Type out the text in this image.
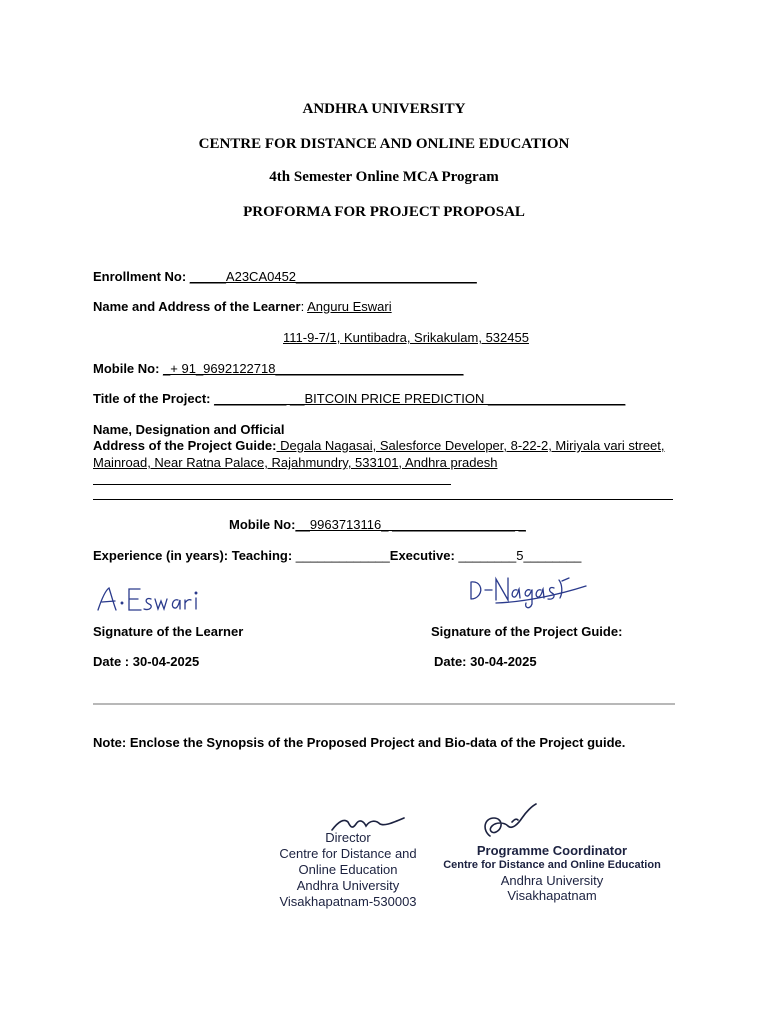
ANDHRA UNIVERSITY
CENTRE FOR DISTANCE AND ONLINE EDUCATION
4th Semester Online MCA Program
PROFORMA FOR PROJECT PROPOSAL
Enrollment No: _____A23CA0452_________________________
Name and Address of the Learner: Anguru Eswari
111-9-7/1, Kuntibadra, Srikakulam, 532455
Mobile No: _+ 91_9692122718__________________________
Title of the Project: __________ __BITCOIN PRICE PREDICTION ___________________
Name, Designation and Official
Address of the Project Guide: Degala Nagasai, Salesforce Developer, 8-22-2, Miriyala vari street,
Mainroad, Near Ratna Palace, Rajahmundry, 533101, Andhra pradesh
Mobile No:__9963713116_ _________________ _
Experience (in years): Teaching: _____________Executive: ________5________
Signature of the Learner	Signature of the Project Guide:
Date : 30-04-2025	Date: 30-04-2025
Note: Enclose the Synopsis of the Proposed Project and Bio-data of the Project guide.
Director
Centre for Distance and
Online Education
Andhra University
Visakhapatnam-530003
Programme Coordinator
Centre for Distance and Online Education
Andhra University
Visakhapatnam
